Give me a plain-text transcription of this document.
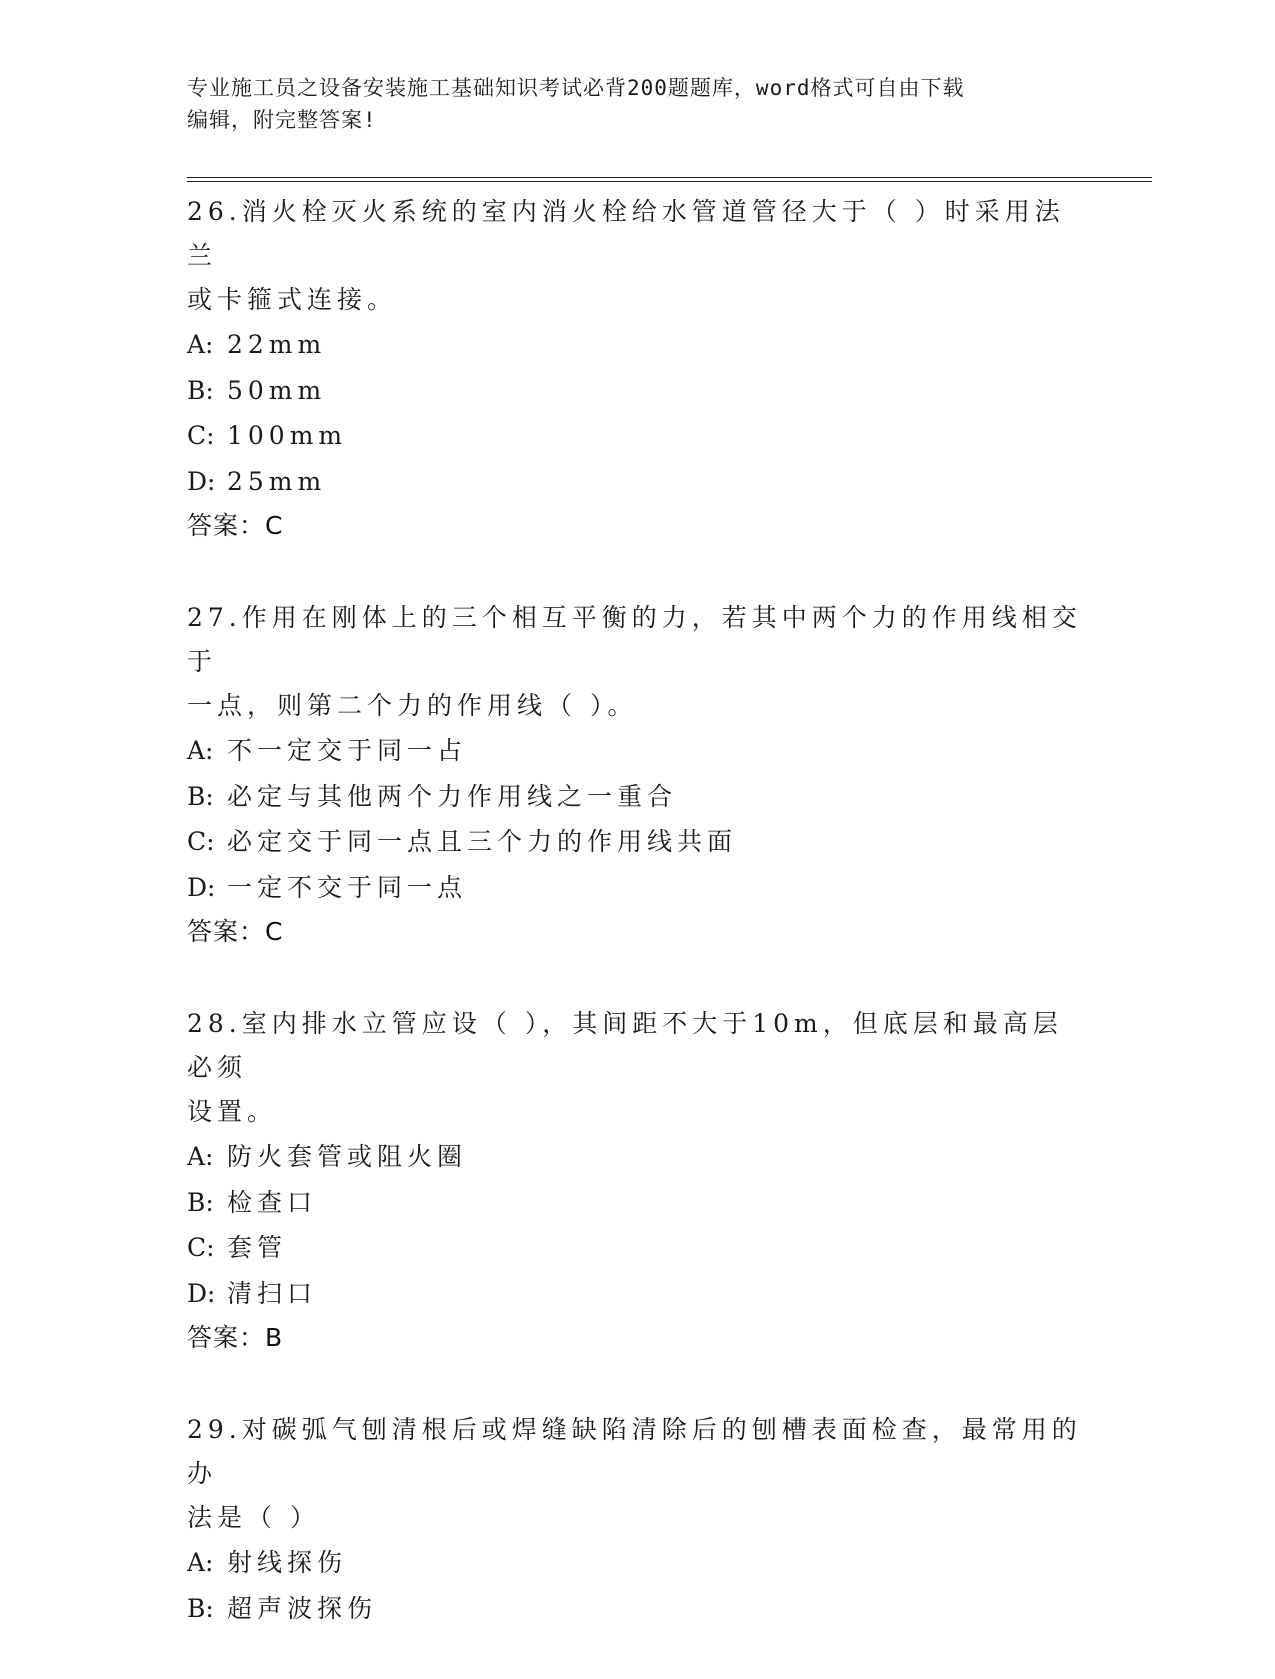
专业施工员之设备安装施工基础知识考试必背200题题库，word格式可自由下载
编辑，附完整答案!

26.消火栓灭火系统的室内消火栓给水管道管径大于（ ）时采用法兰

或卡箍式连接。

A: 22mm

B: 50mm

C: 100mm

D: 25mm

答案：C

27.作用在刚体上的三个相互平衡的力，若其中两个力的作用线相交于

一点，则第二个力的作用线（ ）。

A: 不一定交于同一占

B: 必定与其他两个力作用线之一重合

C: 必定交于同一点且三个力的作用线共面

D: 一定不交于同一点

答案：C

28.室内排水立管应设（ ），其间距不大于10m，但底层和最高层必须

设置。

A: 防火套管或阻火圈

B: 检查口

C: 套管

D: 清扫口

答案：B

29.对碳弧气刨清根后或焊缝缺陷清除后的刨槽表面检查，最常用的办

法是（ ）

A: 射线探伤

B: 超声波探伤
